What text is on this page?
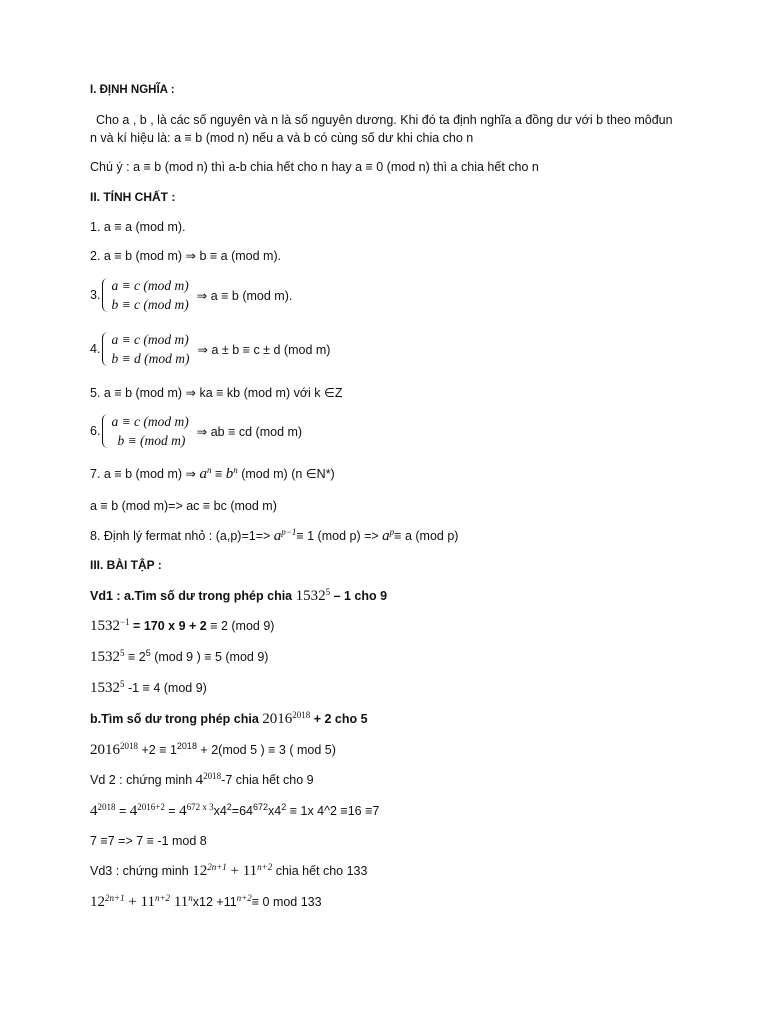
I. ĐỊNH NGHĨA :
Cho a , b , là các số nguyên và n là số nguyên dương. Khi đó ta định nghĩa a đồng dư với b theo môđun
n và kí hiệu là: a ≡ b (mod n) nếu a và b có cùng số dư khi chia cho n
Chú ý : a ≡ b (mod n) thì a-b chia hết cho n hay a ≡ 0 (mod n) thì a chia hết cho n
II. TÍNH CHẤT :
1. a ≡ a (mod m).
2. a ≡ b (mod m) ⇒ b ≡ a (mod m).
3.
a ≡ c (mod m)
b ≡ c (mod m)
⇒ a ≡ b (mod m).
4.
a ≡ c (mod m)
b ≡ d (mod m)
⇒ a ± b ≡ c ± d (mod m)
5. a ≡ b (mod m) ⇒ ka ≡ kb (mod m) với k ∈Z
6.
a ≡ c (mod m)
b ≡ (mod m)
⇒ ab ≡ cd (mod m)
7. a ≡ b (mod m) ⇒ $a^n \equiv b^n$ (mod m) (n ∈N*)
a ≡ b (mod m)=> ac ≡ bc (mod m)
8. Định lý fermat nhỏ : $(a,p)=1=> a^{p-1}\equiv 1$ (mod $p) => a^p\equiv a$ (mod p)
III. BÀI TẬP :
Vd1 : a.Tìm số dư trong phép chia 1532$^5$ – 1 cho 9
$1532^{-1} = 170$ x 9 + 2 ≡ 2 (mod 9)
$1532^5 \equiv 2^5$ (mod 9 ) ≡ 5 (mod 9)
1532$^5$ -1 ≡ 4 (mod 9)
b.Tìm số dư trong phép chia $2016^{2018} + 2$ cho 5
$2016^{2018} +2 \equiv 1^{2018} + 2(mod$ 5 ) ≡ 3 ( mod 5)
Vd 2 : chứng minh $4^{2018}-7$ chia hết cho 9
$4^{2018} = 4^{2016+2} = 4^{672 x 3}x4^2=64^{672}x4^2 \equiv 1x$ 4^2 ≡16 ≡7
7 ≡7 => 7 ≡ -1 mod 8
Vd3 : chứng minh $12^{2n+1} + 11^{n+2}$ chia hết cho 133
$12^{2n+1} + 11^{n+2}$ $11^nx12 +11^{n+2}\equiv 0$ mod 133
